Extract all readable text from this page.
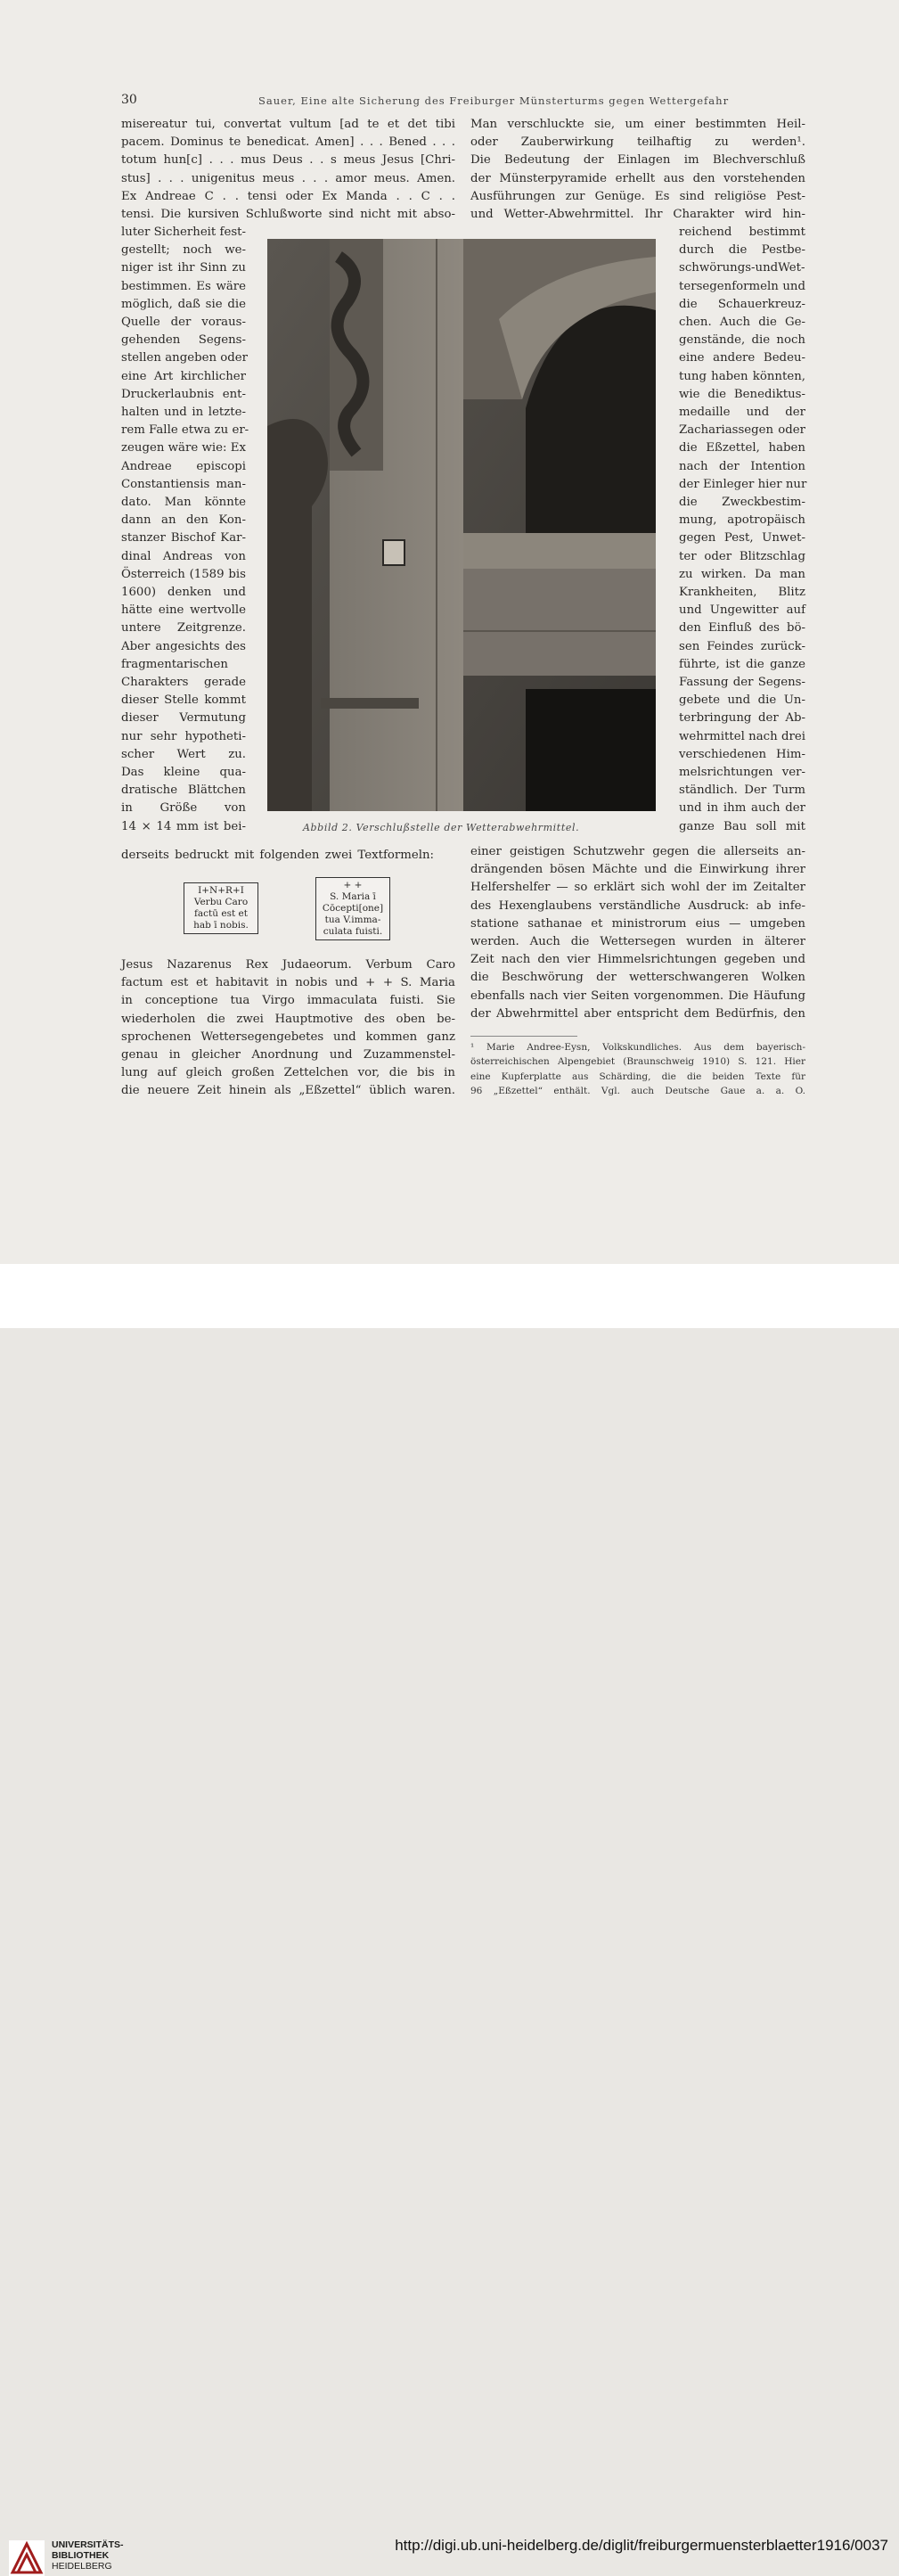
30	Sauer, Eine alte Sicherung des Freiburger Münsterturms gegen Wettergefahr
misereatur tui, convertat vultum [ad te et det tibi
pacem. Dominus te benedicat. Amen] . . . Bened . . .
totum hun[c] . . . mus Deus . . s meus Jesus [Chri-
stus] . . . unigenitus meus . . . amor meus. Amen.
Ex Andreae C . . tensi oder Ex Manda . . C . .
tensi. Die kursiven Schlußworte sind nicht mit abso-
luter Sicherheit fest-
gestellt; noch we-
niger ist ihr Sinn zu
bestimmen. Es wäre
möglich, daß sie die
Quelle der voraus-
gehenden Segens-
stellen angeben oder
eine Art kirchlicher
Druckerlaubnis ent-
halten und in letzte-
rem Falle etwa zu er-
zeugen wäre wie: Ex
Andreae episcopi
Constantiensis man-
dato. Man könnte
dann an den Kon-
stanzer Bischof Kar-
dinal Andreas von
Österreich (1589 bis
1600) denken und
hätte eine wertvolle
untere Zeitgrenze.
Aber angesichts des
fragmentarischen
Charakters gerade
dieser Stelle kommt
dieser Vermutung
nur sehr hypotheti-
scher Wert zu.
Das kleine qua-
dratische Blättchen
in Größe von
14 × 14 mm ist bei-
derseits bedruckt mit folgenden zwei Textformeln:
Jesus Nazarenus Rex Judaeorum. Verbum Caro
factum est et habitavit in nobis und + + S. Maria
in conceptione tua Virgo immaculata fuisti. Sie
wiederholen die zwei Hauptmotive des oben be-
sprochenen Wettersegengebetes und kommen ganz
genau in gleicher Anordnung und Zuzammenstel-
lung auf gleich großen Zettelchen vor, die bis in
die neuere Zeit hinein als „Eßzettel“ üblich waren.
Man verschluckte sie, um einer bestimmten Heil-
oder Zauberwirkung teilhaftig zu werden¹.
Die Bedeutung der Einlagen im Blechverschluß
der Münsterpyramide erhellt aus den vorstehenden
Ausführungen zur Genüge. Es sind religiöse Pest-
und Wetter-Abwehrmittel. Ihr Charakter wird hin-
reichend bestimmt
durch die Pestbe-
schwörungs-undWet-
tersegenformeln und
die Schauerkreuz-
chen. Auch die Ge-
genstände, die noch
eine andere Bedeu-
tung haben könnten,
wie die Benediktus-
medaille und der
Zachariassegen oder
die Eßzettel, haben
nach der Intention
der Einleger hier nur
die Zweckbestim-
mung, apotropäisch
gegen Pest, Unwet-
ter oder Blitzschlag
zu wirken. Da man
Krankheiten, Blitz
und Ungewitter auf
den Einfluß des bö-
sen Feindes zurück-
führte, ist die ganze
Fassung der Segens-
gebete und die Un-
terbringung der Ab-
wehrmittel nach drei
verschiedenen Him-
melsrichtungen ver-
ständlich. Der Turm
und in ihm auch der
ganze Bau soll mit
einer geistigen Schutzwehr gegen die allerseits an-
drängenden bösen Mächte und die Einwirkung ihrer
Helfershelfer — so erklärt sich wohl der im Zeitalter
des Hexenglaubens verständliche Ausdruck: ab infe-
statione sathanae et ministrorum eius — umgeben
werden. Auch die Wettersegen wurden in älterer
Zeit nach den vier Himmelsrichtungen gegeben und
die Beschwörung der wetterschwangeren Wolken
ebenfalls nach vier Seiten vorgenommen. Die Häufung
der Abwehrmittel aber entspricht dem Bedürfnis, den
I+N+R+I
Verbu Caro
factū est et
hab ī nobis.
+ +
S. Maria ī
Cōcepti[one]
tua V.imma-
culata fuisti.
Abbild 2. Verschlußstelle der Wetterabwehrmittel.
¹ Marie Andree-Eysn, Volkskundliches. Aus dem bayerisch-
österreichischen Alpengebiet (Braunschweig 1910) S. 121. Hier
eine Kupferplatte aus Schärding, die die beiden Texte für
96 „Eßzettel“ enthält. Vgl. auch Deutsche Gaue a. a. O.
UNIVERSITÄTS-
BIBLIOTHEK
HEIDELBERG
http://digi.ub.uni-heidelberg.de/diglit/freiburgermuensterblaetter1916/0037
